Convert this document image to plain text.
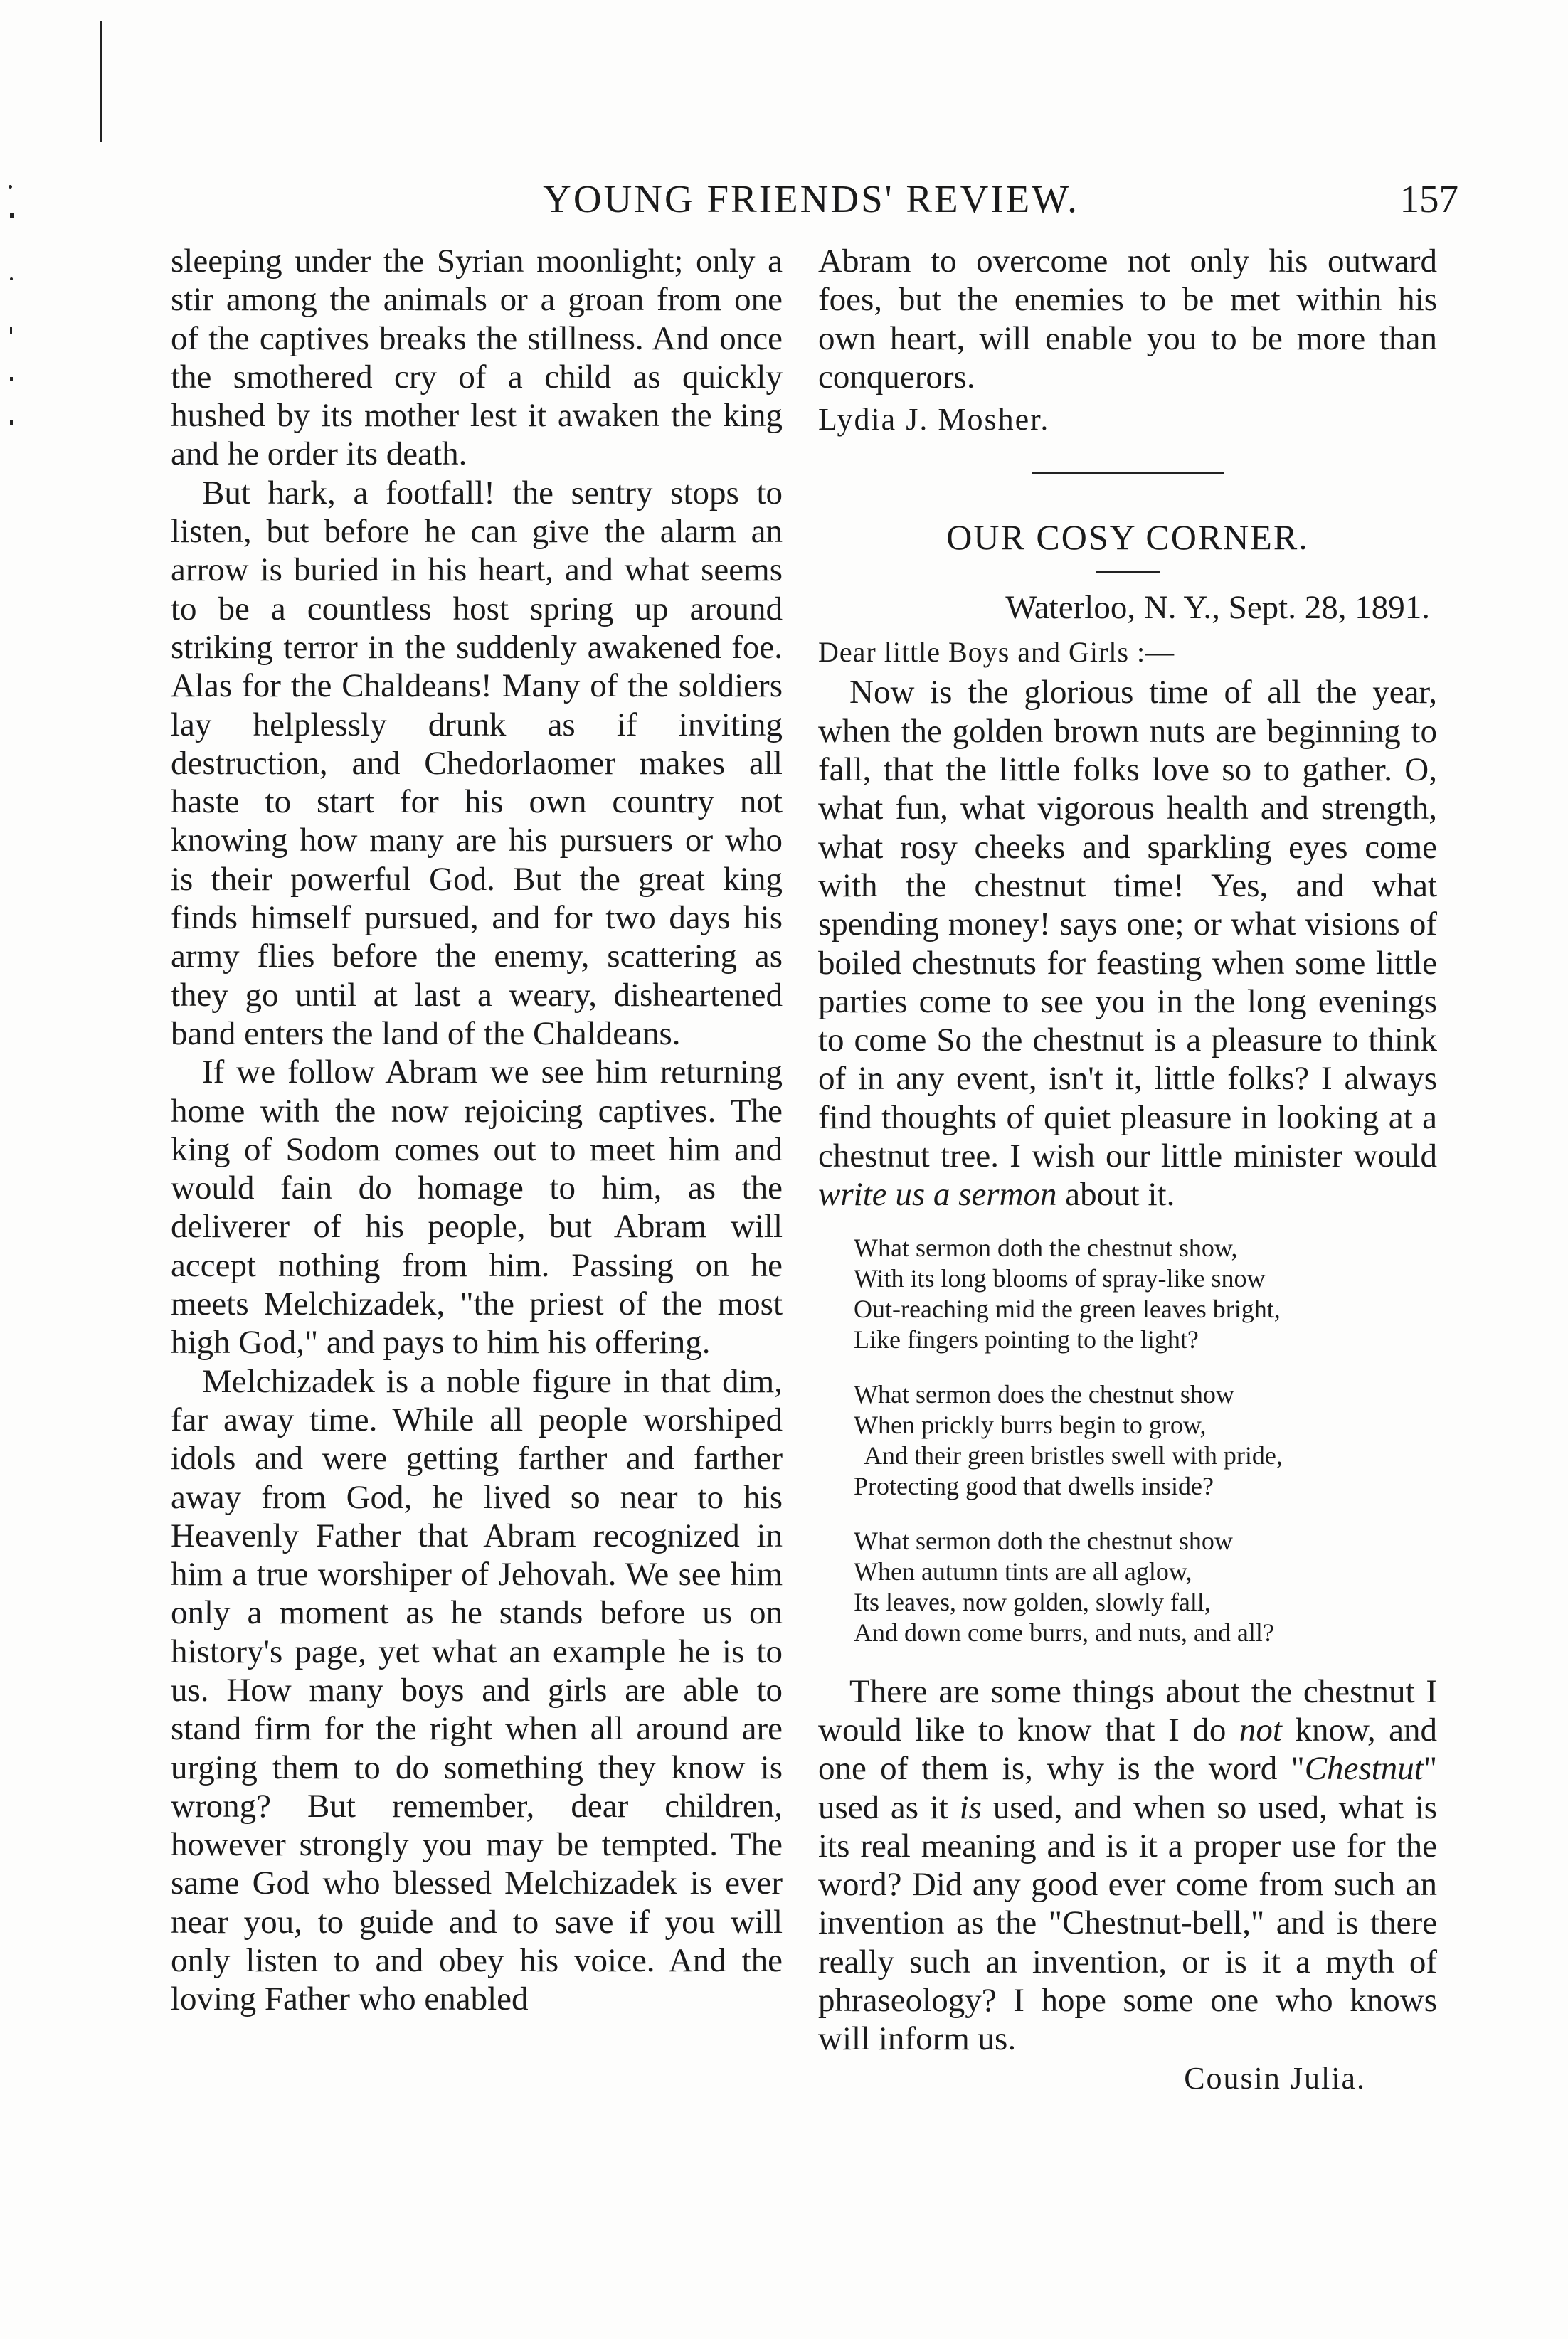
YOUNG FRIENDS' REVIEW.	157

sleeping under the Syrian moonlight; only a stir among the animals or a groan from one of the captives breaks the stillness. And once the smothered cry of a child as quickly hushed by its mother lest it awaken the king and he order its death.

But hark, a footfall! the sentry stops to listen, but before he can give the alarm an arrow is buried in his heart, and what seems to be a countless host spring up around striking terror in the suddenly awakened foe. Alas for the Chaldeans! Many of the soldiers lay helplessly drunk as if inviting destruction, and Chedorlaomer makes all haste to start for his own country not knowing how many are his pursuers or who is their powerful God. But the great king finds himself pursued, and for two days his army flies before the enemy, scattering as they go until at last a weary, disheartened band enters the land of the Chaldeans.

If we follow Abram we see him returning home with the now rejoicing captives. The king of Sodom comes out to meet him and would fain do homage to him, as the deliverer of his people, but Abram will accept nothing from him. Passing on he meets Melchizadek, "the priest of the most high God," and pays to him his offering.

Melchizadek is a noble figure in that dim, far away time. While all people worshiped idols and were getting farther and farther away from God, he lived so near to his Heavenly Father that Abram recognized in him a true worshiper of Jehovah. We see him only a moment as he stands before us on history's page, yet what an example he is to us. How many boys and girls are able to stand firm for the right when all around are urging them to do something they know is wrong? But remember, dear children, however strongly you may be tempted. The same God who blessed Melchizadek is ever near you, to guide and to save if you will only listen to and obey his voice. And the loving Father who enabled

Abram to overcome not only his outward foes, but the enemies to be met within his own heart, will enable you to be more than conquerors.

Lydia J. Mosher.

OUR COSY CORNER.
Waterloo, N. Y., Sept. 28, 1891.
Dear little Boys and Girls :—

Now is the glorious time of all the year, when the golden brown nuts are beginning to fall, that the little folks love so to gather. O, what fun, what vigorous health and strength, what rosy cheeks and sparkling eyes come with the chestnut time! Yes, and what spending money! says one; or what visions of boiled chestnuts for feasting when some little parties come to see you in the long evenings to come So the chestnut is a pleasure to think of in any event, isn't it, little folks? I always find thoughts of quiet pleasure in looking at a chestnut tree. I wish our little minister would write us a sermon about it.

What sermon doth the chestnut show,
With its long blooms of spray-like snow
Out-reaching mid the green leaves bright,
Like fingers pointing to the light?
What sermon does the chestnut show
When prickly burrs begin to grow,
And their green bristles swell with pride,
Protecting good that dwells inside?
What sermon doth the chestnut show
When autumn tints are all aglow,
Its leaves, now golden, slowly fall,
And down come burrs, and nuts, and all?

There are some things about the chestnut I would like to know that I do not know, and one of them is, why is the word "Chestnut" used as it is used, and when so used, what is its real meaning and is it a proper use for the word? Did any good ever come from such an invention as the "Chestnut-bell," and is there really such an invention, or is it a myth of phraseology? I hope some one who knows will inform us.

Cousin Julia.
